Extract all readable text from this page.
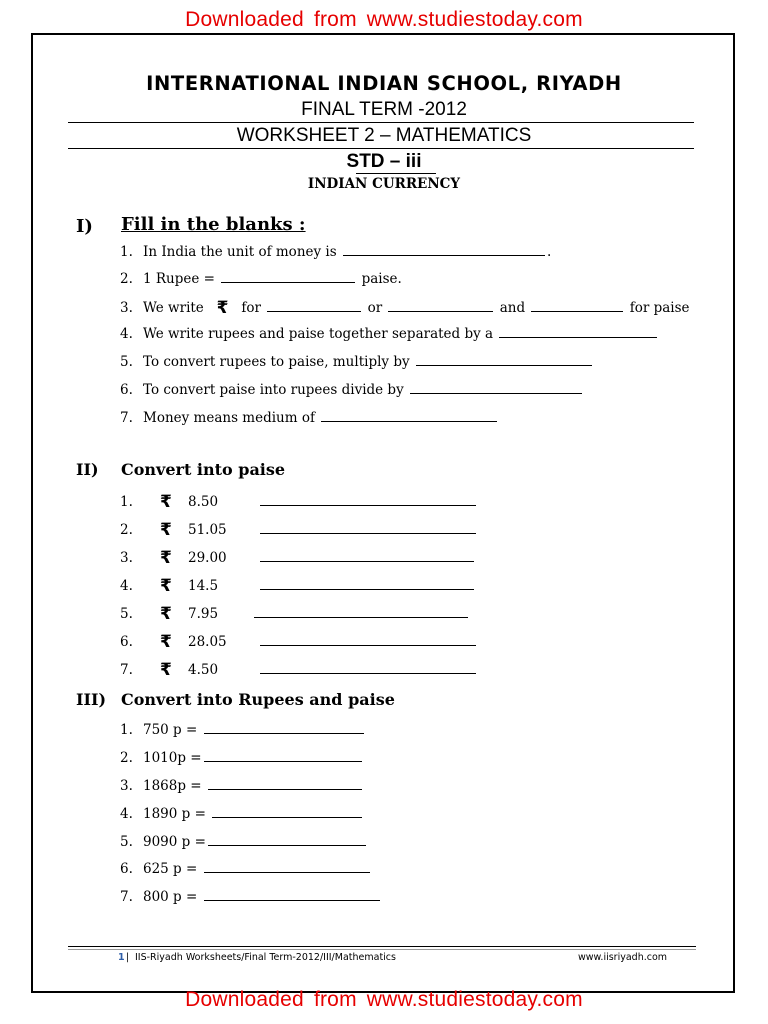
Downloaded from www.studiestoday.com
INTERNATIONAL INDIAN SCHOOL, RIYADH
FINAL TERM -2012
WORKSHEET 2 – MATHEMATICS
STD – iii
INDIAN CURRENCY
I) Fill in the blanks :
1. In India the unit of money is	.
2. 1 Rupee =	paise.
3. We write ₹ for	or	and	for paise
4. We write rupees and paise together separated by a
5. To convert rupees to paise, multiply by
6. To convert paise into rupees divide by
7. Money means medium of
II) Convert into paise
1. ₹ 8.50
2. ₹ 51.05
3. ₹ 29.00
4. ₹ 14.5
5. ₹ 7.95
6. ₹ 28.05
7. ₹ 4.50
III) Convert into Rupees and paise
1. 750 p =
2. 1010p =
3. 1868p =
4. 1890 p =
5. 9090 p =
6. 625 p =
7. 800 p =
1 | IIS-Riyadh Worksheets/Final Term-2012/III/Mathematics	www.iisriyadh.com
Downloaded from www.studiestoday.com
